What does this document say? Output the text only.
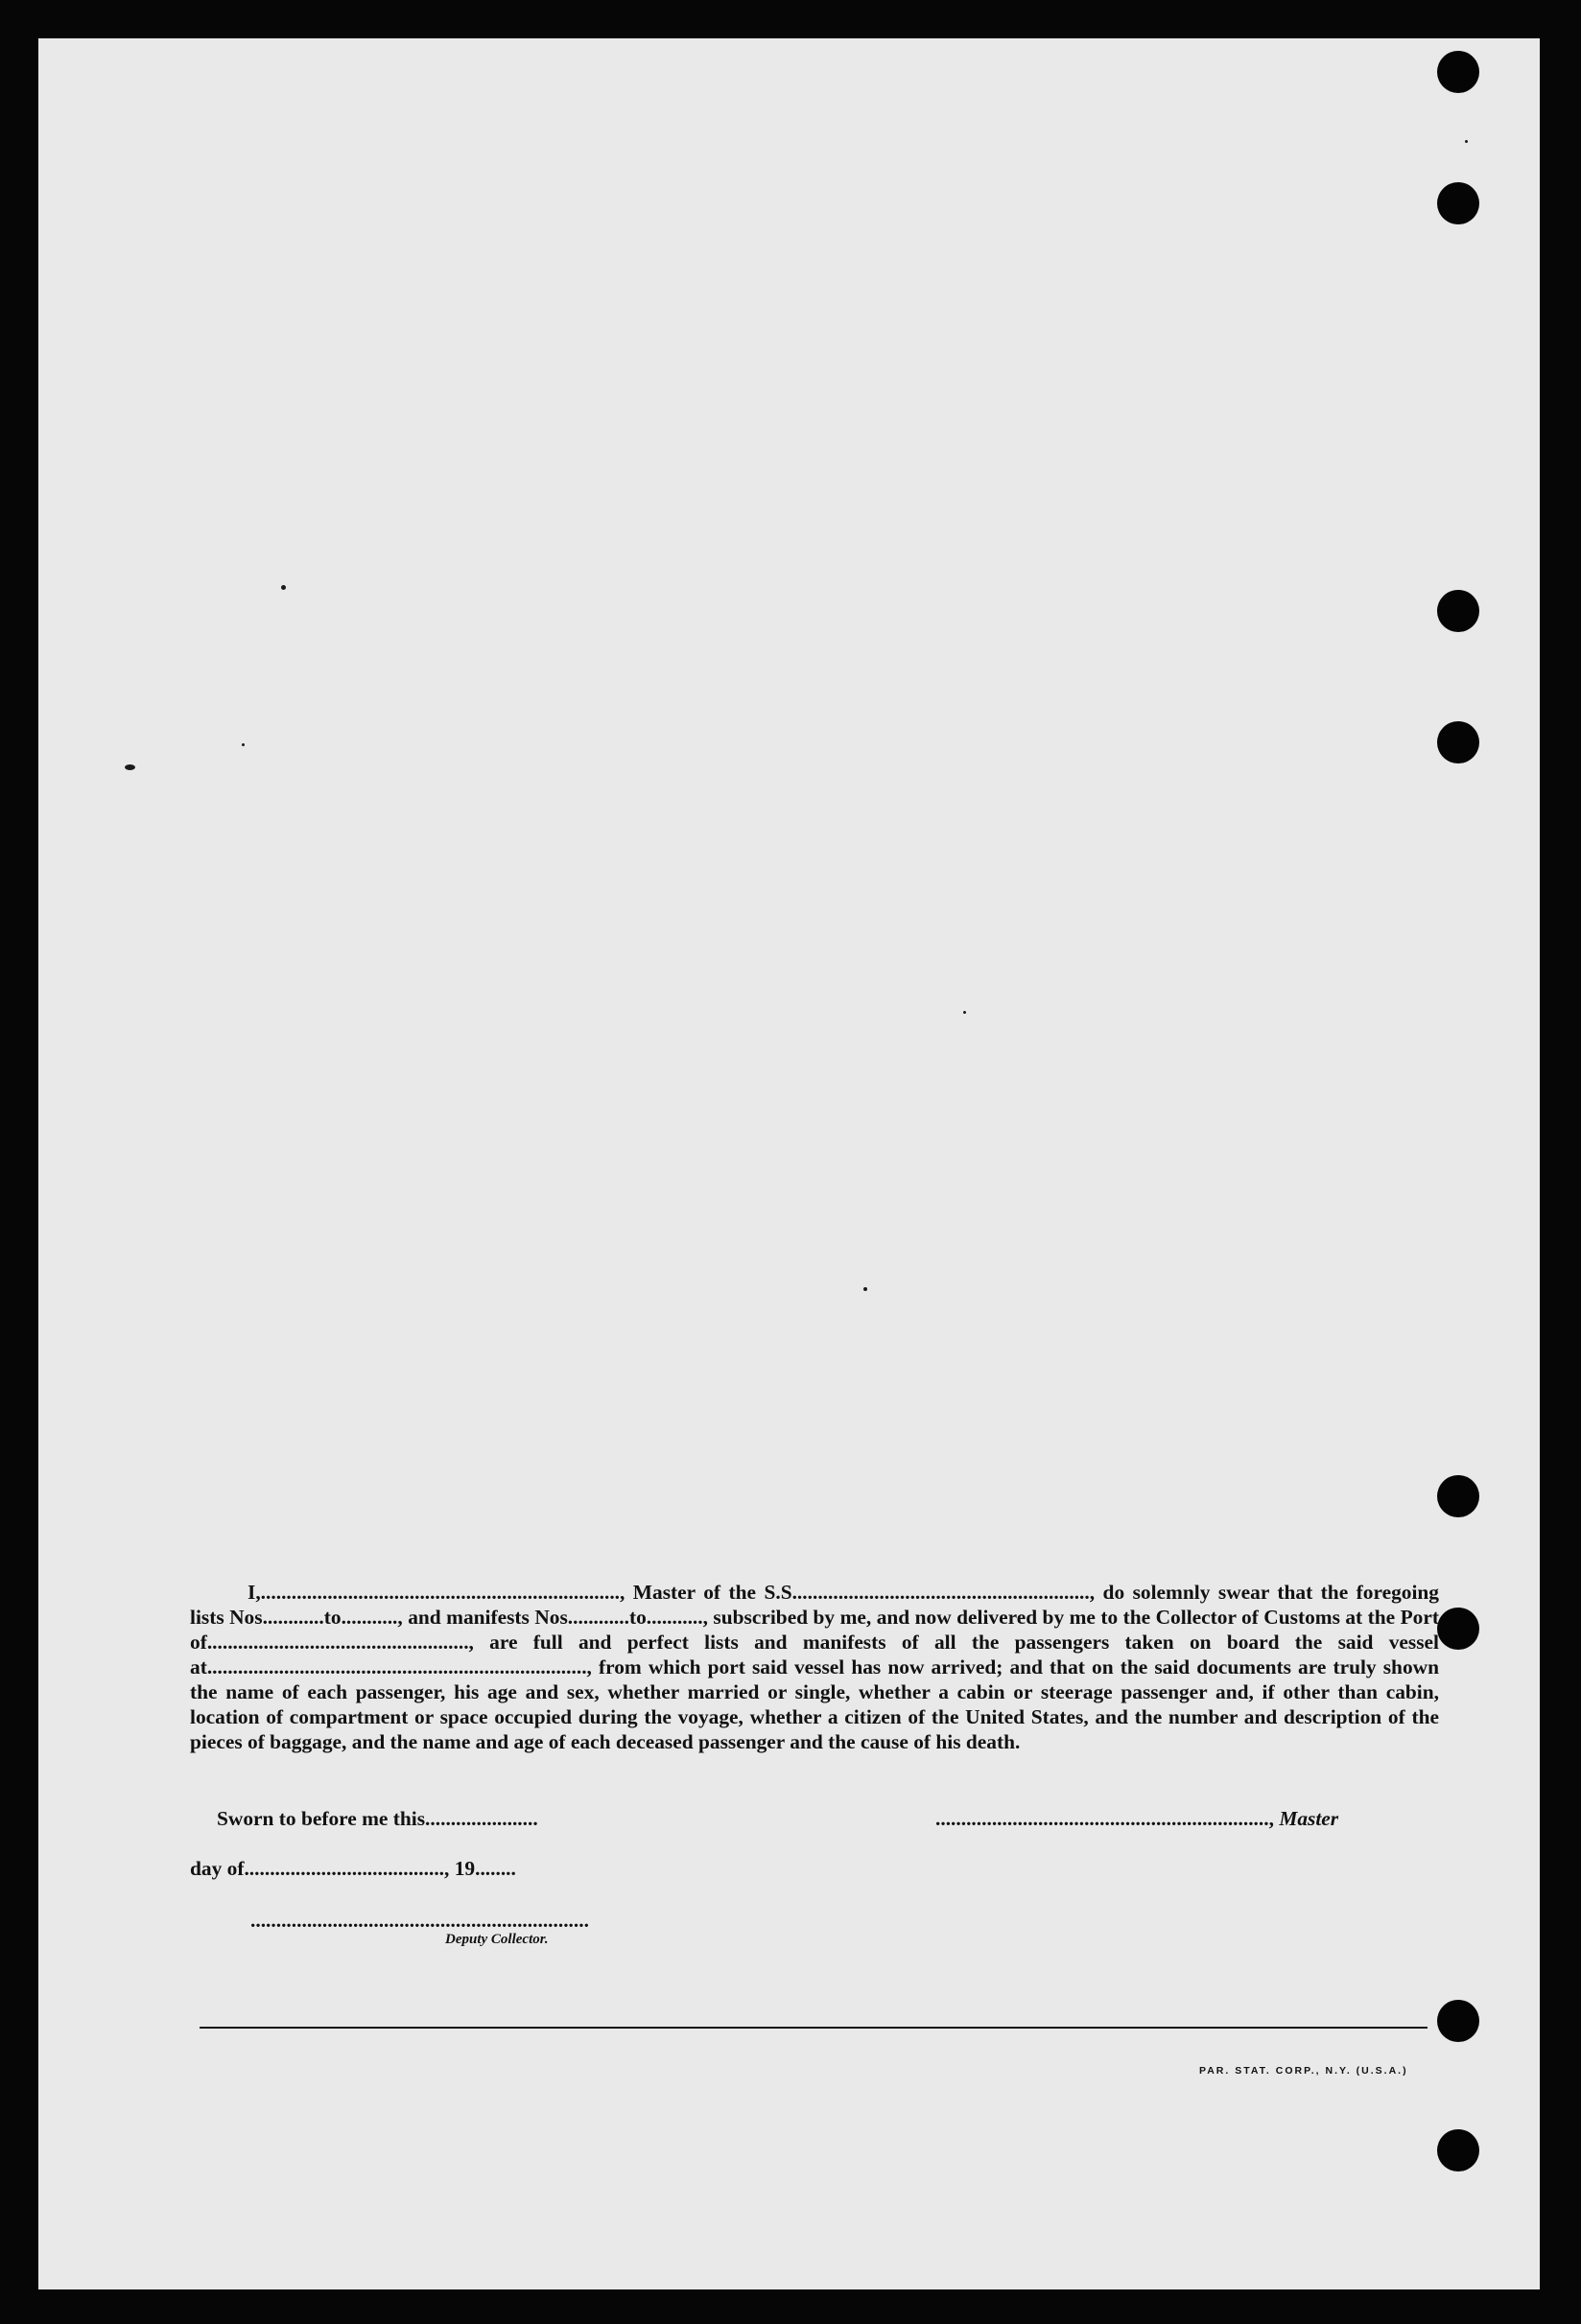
I,......................................................................, Master of the S.S.........................................................., do solemnly swear that the foregoing lists Nos............to..........., and manifests Nos............to..........., subscribed by me, and now delivered by me to the Collector of Customs at the Port of..................................................., are full and perfect lists and manifests of all the passengers taken on board the said vessel at.........................................................................., from which port said vessel has now arrived; and that on the said documents are truly shown the name of each passenger, his age and sex, whether married or single, whether a cabin or steerage passenger and, if other than cabin, location of compartment or space occupied during the voyage, whether a citizen of the United States, and the number and description of the pieces of baggage, and the name and age of each deceased passenger and the cause of his death.

Sworn to before me this......................
day of......................................., 19........
................................................................., Master
..................................................................
Deputy Collector.
PAR. STAT. CORP., N.Y. (U.S.A.)
